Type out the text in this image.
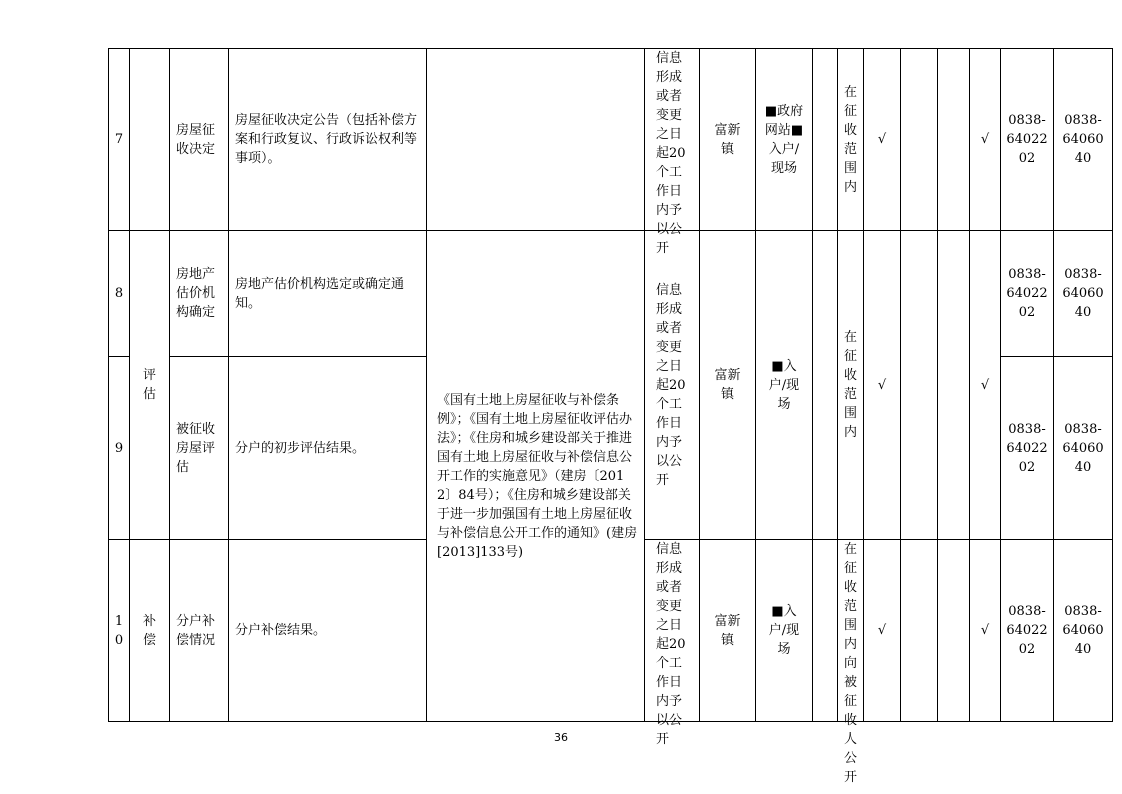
7		房屋征收决定	房屋征收决定公告（包括补偿方案和行政复议、行政诉讼权利等事项）。		信息形成或者变更之日起20个工作日内予以公开	富新镇	■政府网站■入户/现场		在征收范围内	√			√	0838-6402202	0838-6406040

8	评估	房地产估价机构确定	房地产估价机构选定或确定通知。	《国有土地上房屋征收与补偿条例》；《国有土地上房屋征收评估办法》；《住房和城乡建设部关于推进国有土地上房屋征收与补偿信息公开工作的实施意见》（建房〔2012〕84号）；《住房和城乡建设部关于进一步加强国有土地上房屋征收与补偿信息公开工作的通知》(建房[2013]133号)	信息形成或者变更之日起20个工作日内予以公开	富新镇	■入户/现场		在征收范围内	√			√	0838-6402202	0838-6406040

9		被征收房屋评估	分户的初步评估结果。											0838-6402202	0838-6406040

10	补偿	分户补偿情况	分户补偿结果。		信息形成或者变更之日起20个工作日内予以公开	富新镇	■入户/现场		在征收范围内向被征收人公开	√			√	0838-6402202	0838-6406040
36
